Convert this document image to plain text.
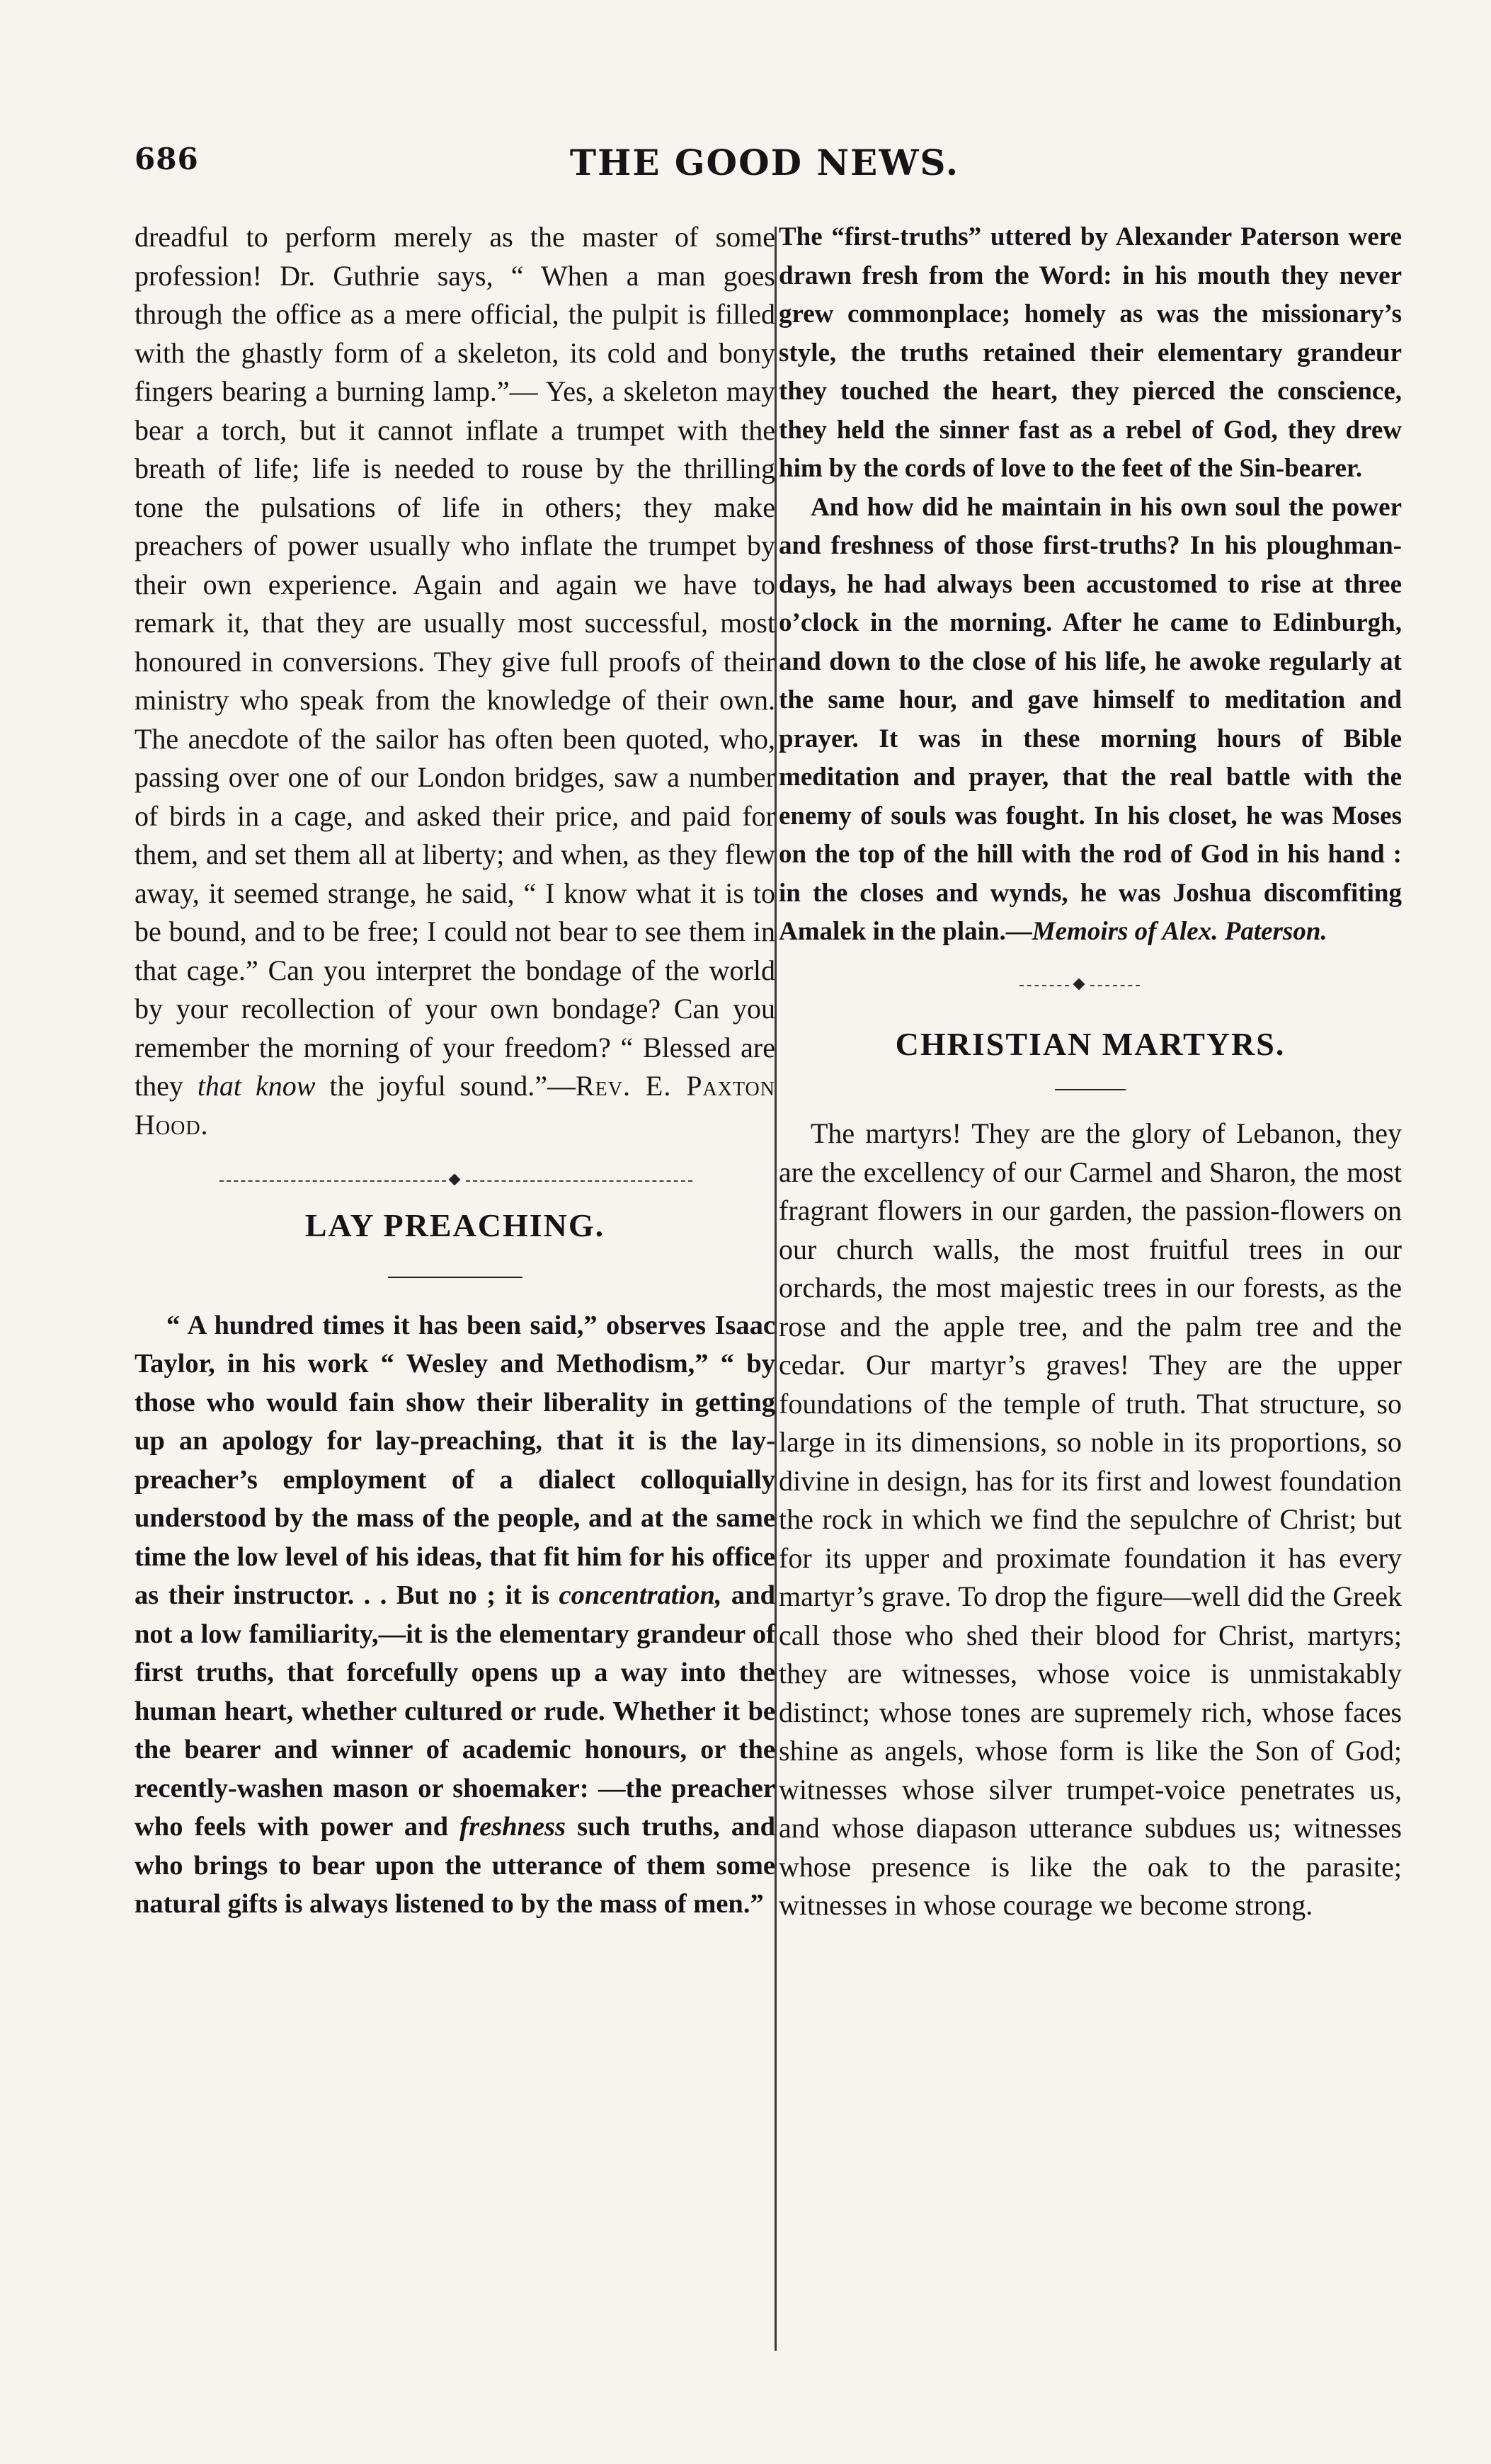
686	THE GOOD NEWS.

dreadful to perform merely as the master of some profession! Dr. Guthrie says, “ When a man goes through the office as a mere official, the pulpit is filled with the ghastly form of a skeleton, its cold and bony fingers bearing a burning lamp.”— Yes, a skeleton may bear a torch, but it cannot inflate a trumpet with the breath of life; life is needed to rouse by the thrilling tone the pulsations of life in others; they make preachers of power usually who inflate the trumpet by their own experience. Again and again we have to remark it, that they are usually most successful, most honoured in conversions. They give full proofs of their ministry who speak from the knowledge of their own. The anecdote of the sailor has often been quoted, who, passing over one of our London bridges, saw a number of birds in a cage, and asked their price, and paid for them, and set them all at liberty; and when, as they flew away, it seemed strange, he said, “ I know what it is to be bound, and to be free; I could not bear to see them in that cage.” Can you interpret the bondage of the world by your recollection of your own bondage? Can you remember the morning of your freedom? “ Blessed are they that know the joyful sound.”—Rev. E. Paxton Hood.

LAY PREACHING.

“ A hundred times it has been said,” observes Isaac Taylor, in his work “ Wesley and Methodism,” “ by those who would fain show their liberality in getting up an apology for lay-preaching, that it is the lay-preacher’s employment of a dialect colloquially understood by the mass of the people, and at the same time the low level of his ideas, that fit him for his office as their instructor. . . But no ; it is concentration, and not a low familiarity,—it is the elementary grandeur of first truths, that forcefully opens up a way into the human heart, whether cultured or rude. Whether it be the bearer and winner of academic honours, or the recently-washen mason or shoemaker: —the preacher who feels with power and freshness such truths, and who brings to bear upon the utterance of them some natural gifts is always listened to by the mass of men.”

The “first-truths” uttered by Alexander Paterson were drawn fresh from the Word: in his mouth they never grew commonplace; homely as was the missionary’s style, the truths retained their elementary grandeur they touched the heart, they pierced the conscience, they held the sinner fast as a rebel of God, they drew him by the cords of love to the feet of the Sin-bearer.

And how did he maintain in his own soul the power and freshness of those first-truths? In his ploughman-days, he had always been accustomed to rise at three o’clock in the morning. After he came to Edinburgh, and down to the close of his life, he awoke regularly at the same hour, and gave himself to meditation and prayer. It was in these morning hours of Bible meditation and prayer, that the real battle with the enemy of souls was fought. In his closet, he was Moses on the top of the hill with the rod of God in his hand : in the closes and wynds, he was Joshua discomfiting Amalek in the plain.—Memoirs of Alex. Paterson.

CHRISTIAN MARTYRS.

The martyrs! They are the glory of Lebanon, they are the excellency of our Carmel and Sharon, the most fragrant flowers in our garden, the passion-flowers on our church walls, the most fruitful trees in our orchards, the most majestic trees in our forests, as the rose and the apple tree, and the palm tree and the cedar. Our martyr’s graves! They are the upper foundations of the temple of truth. That structure, so large in its dimensions, so noble in its proportions, so divine in design, has for its first and lowest foundation the rock in which we find the sepulchre of Christ; but for its upper and proximate foundation it has every martyr’s grave. To drop the figure—well did the Greek call those who shed their blood for Christ, martyrs; they are witnesses, whose voice is unmistakably distinct; whose tones are supremely rich, whose faces shine as angels, whose form is like the Son of God; witnesses whose silver trumpet-voice penetrates us, and whose diapason utterance subdues us; witnesses whose presence is like the oak to the parasite; witnesses in whose courage we become strong.
